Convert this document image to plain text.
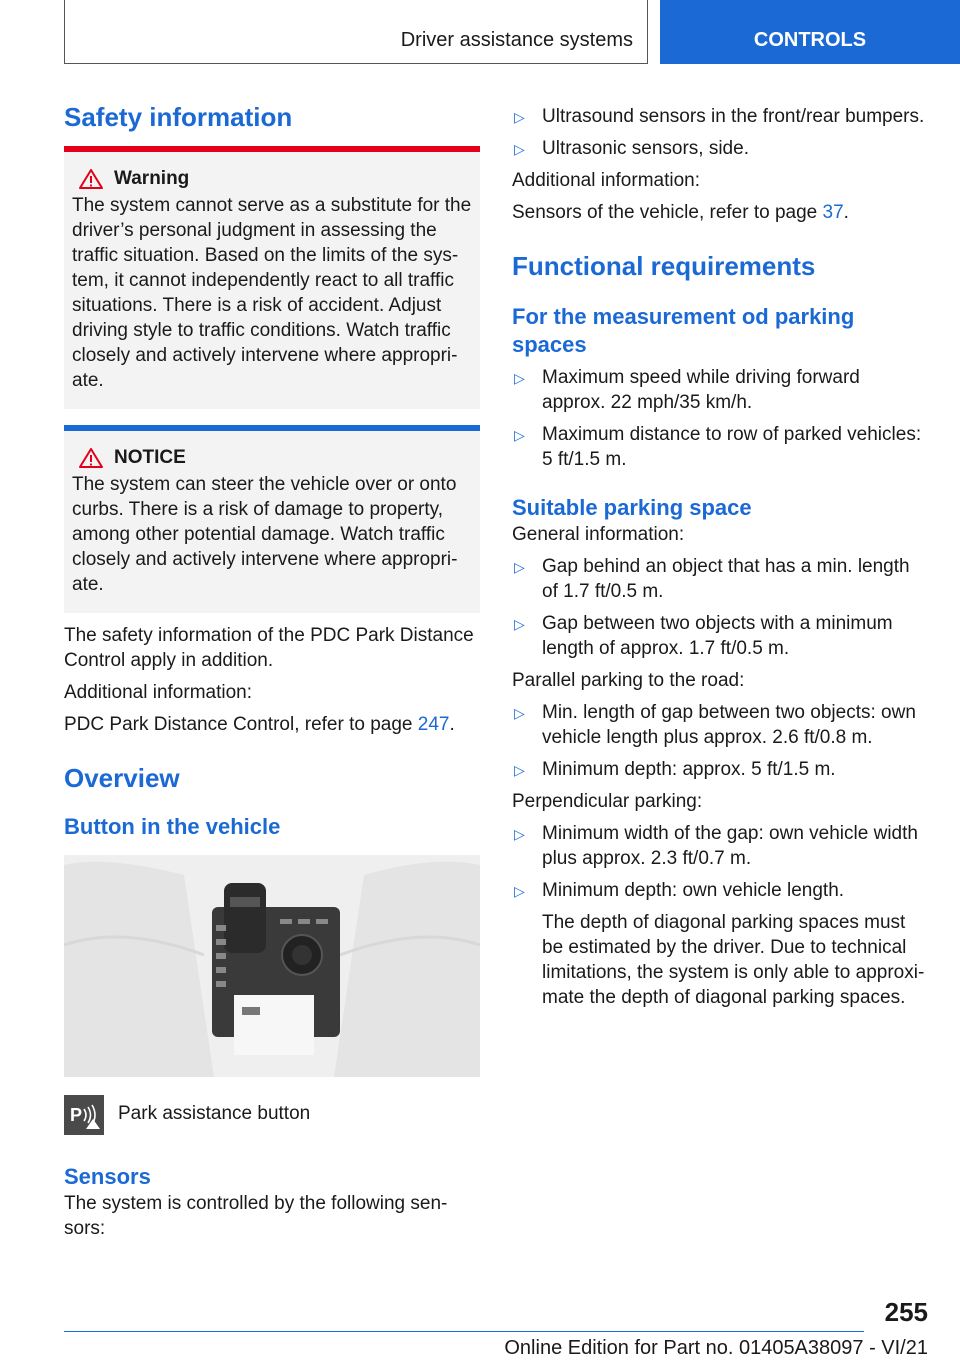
Driver assistance systems	CONTROLS
Safety information
Warning

The system cannot serve as a substitute for the driver’s personal judgment in assessing the traffic situation. Based on the limits of the sys-tem, it cannot independently react to all traffic situations. There is a risk of accident. Adjust driving style to traffic conditions. Watch traffic closely and actively intervene where appropri-ate.

NOTICE

The system can steer the vehicle over or onto curbs. There is a risk of damage to property, among other potential damage. Watch traffic closely and actively intervene where appropri-ate.

The safety information of the PDC Park Distance Control apply in addition.

Additional information:

PDC Park Distance Control, refer to page 247.

Overview
Button in the vehicle
P Park assistance button
Sensors

The system is controlled by the following sen-sors:

▷ Ultrasound sensors in the front/rear bumpers.
▷ Ultrasonic sensors, side.

Additional information:

Sensors of the vehicle, refer to page 37.

Functional requirements
For the measurement od parking spaces
▷ Maximum speed while driving forward approx. 22 mph/35 km/h.
▷ Maximum distance to row of parked vehicles: 5 ft/1.5 m.
Suitable parking space

General information:

▷ Gap behind an object that has a min. length of 1.7 ft/0.5 m.
▷ Gap between two objects with a minimum length of approx. 1.7 ft/0.5 m.

Parallel parking to the road:

▷ Min. length of gap between two objects: own vehicle length plus approx. 2.6 ft/0.8 m.
▷ Minimum depth: approx. 5 ft/1.5 m.

Perpendicular parking:

▷ Minimum width of the gap: own vehicle width plus approx. 2.3 ft/0.7 m.
▷ Minimum depth: own vehicle length.

The depth of diagonal parking spaces must be estimated by the driver. Due to technical limitations, the system is only able to approxi-mate the depth of diagonal parking spaces.

255
Online Edition for Part no. 01405A38097 - VI/21
